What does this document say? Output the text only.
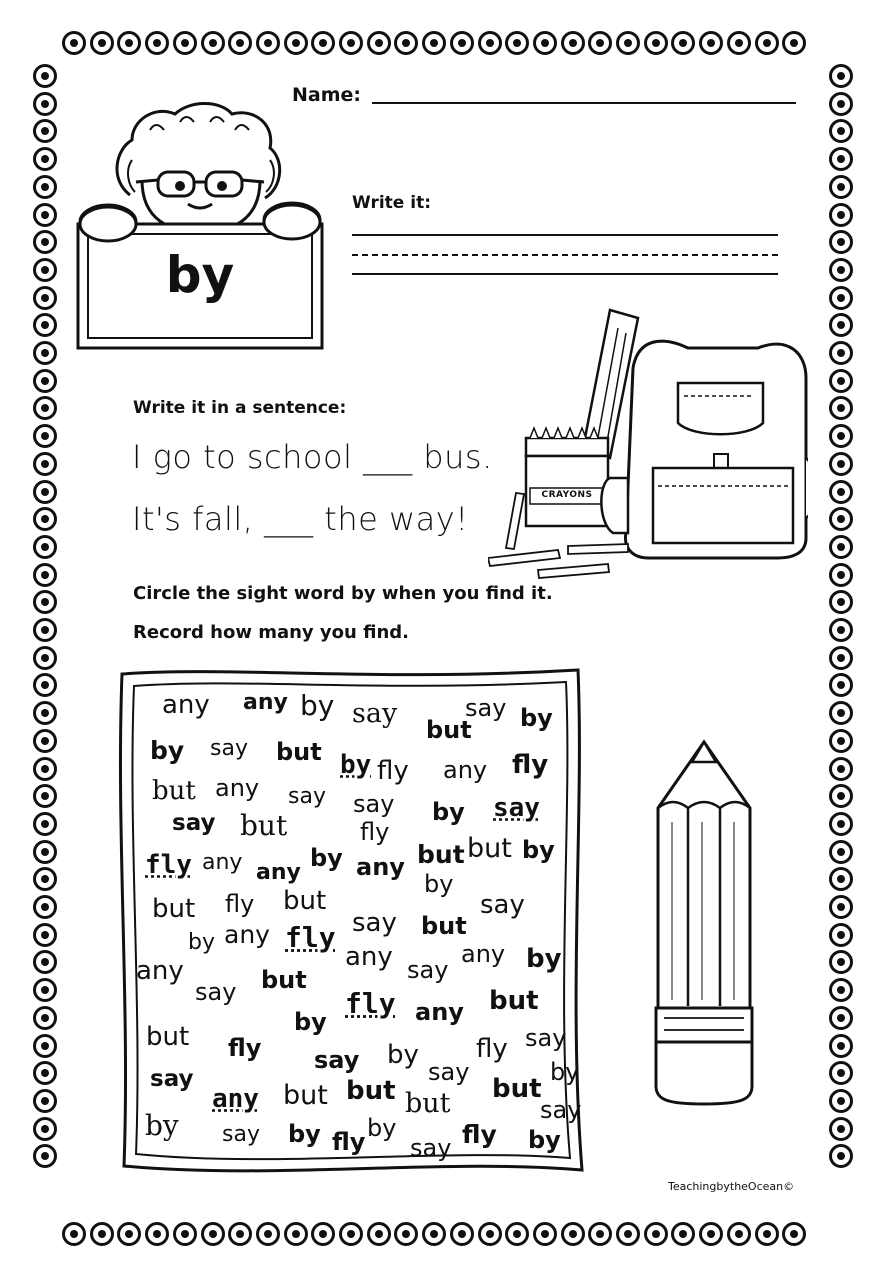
Name:
by
Write it:
CRAYONS
Write it in a sentence:
I go to school ___ bus.
It's fall, ___ the way!
Circle the sight word by when you find it.
Record how many you find.
any any by say
but
say by
by say but by fly any fly
but any say say by say
say but	fly
fly any any
by any but but by
by
but fly but
say but
say
by any fly
any say
any by
any
say but
fly any but
by
but fly say by
say
fly say
say	by
any but but but but
say
by say by fly by
say fly by
TeachingbytheOcean©
